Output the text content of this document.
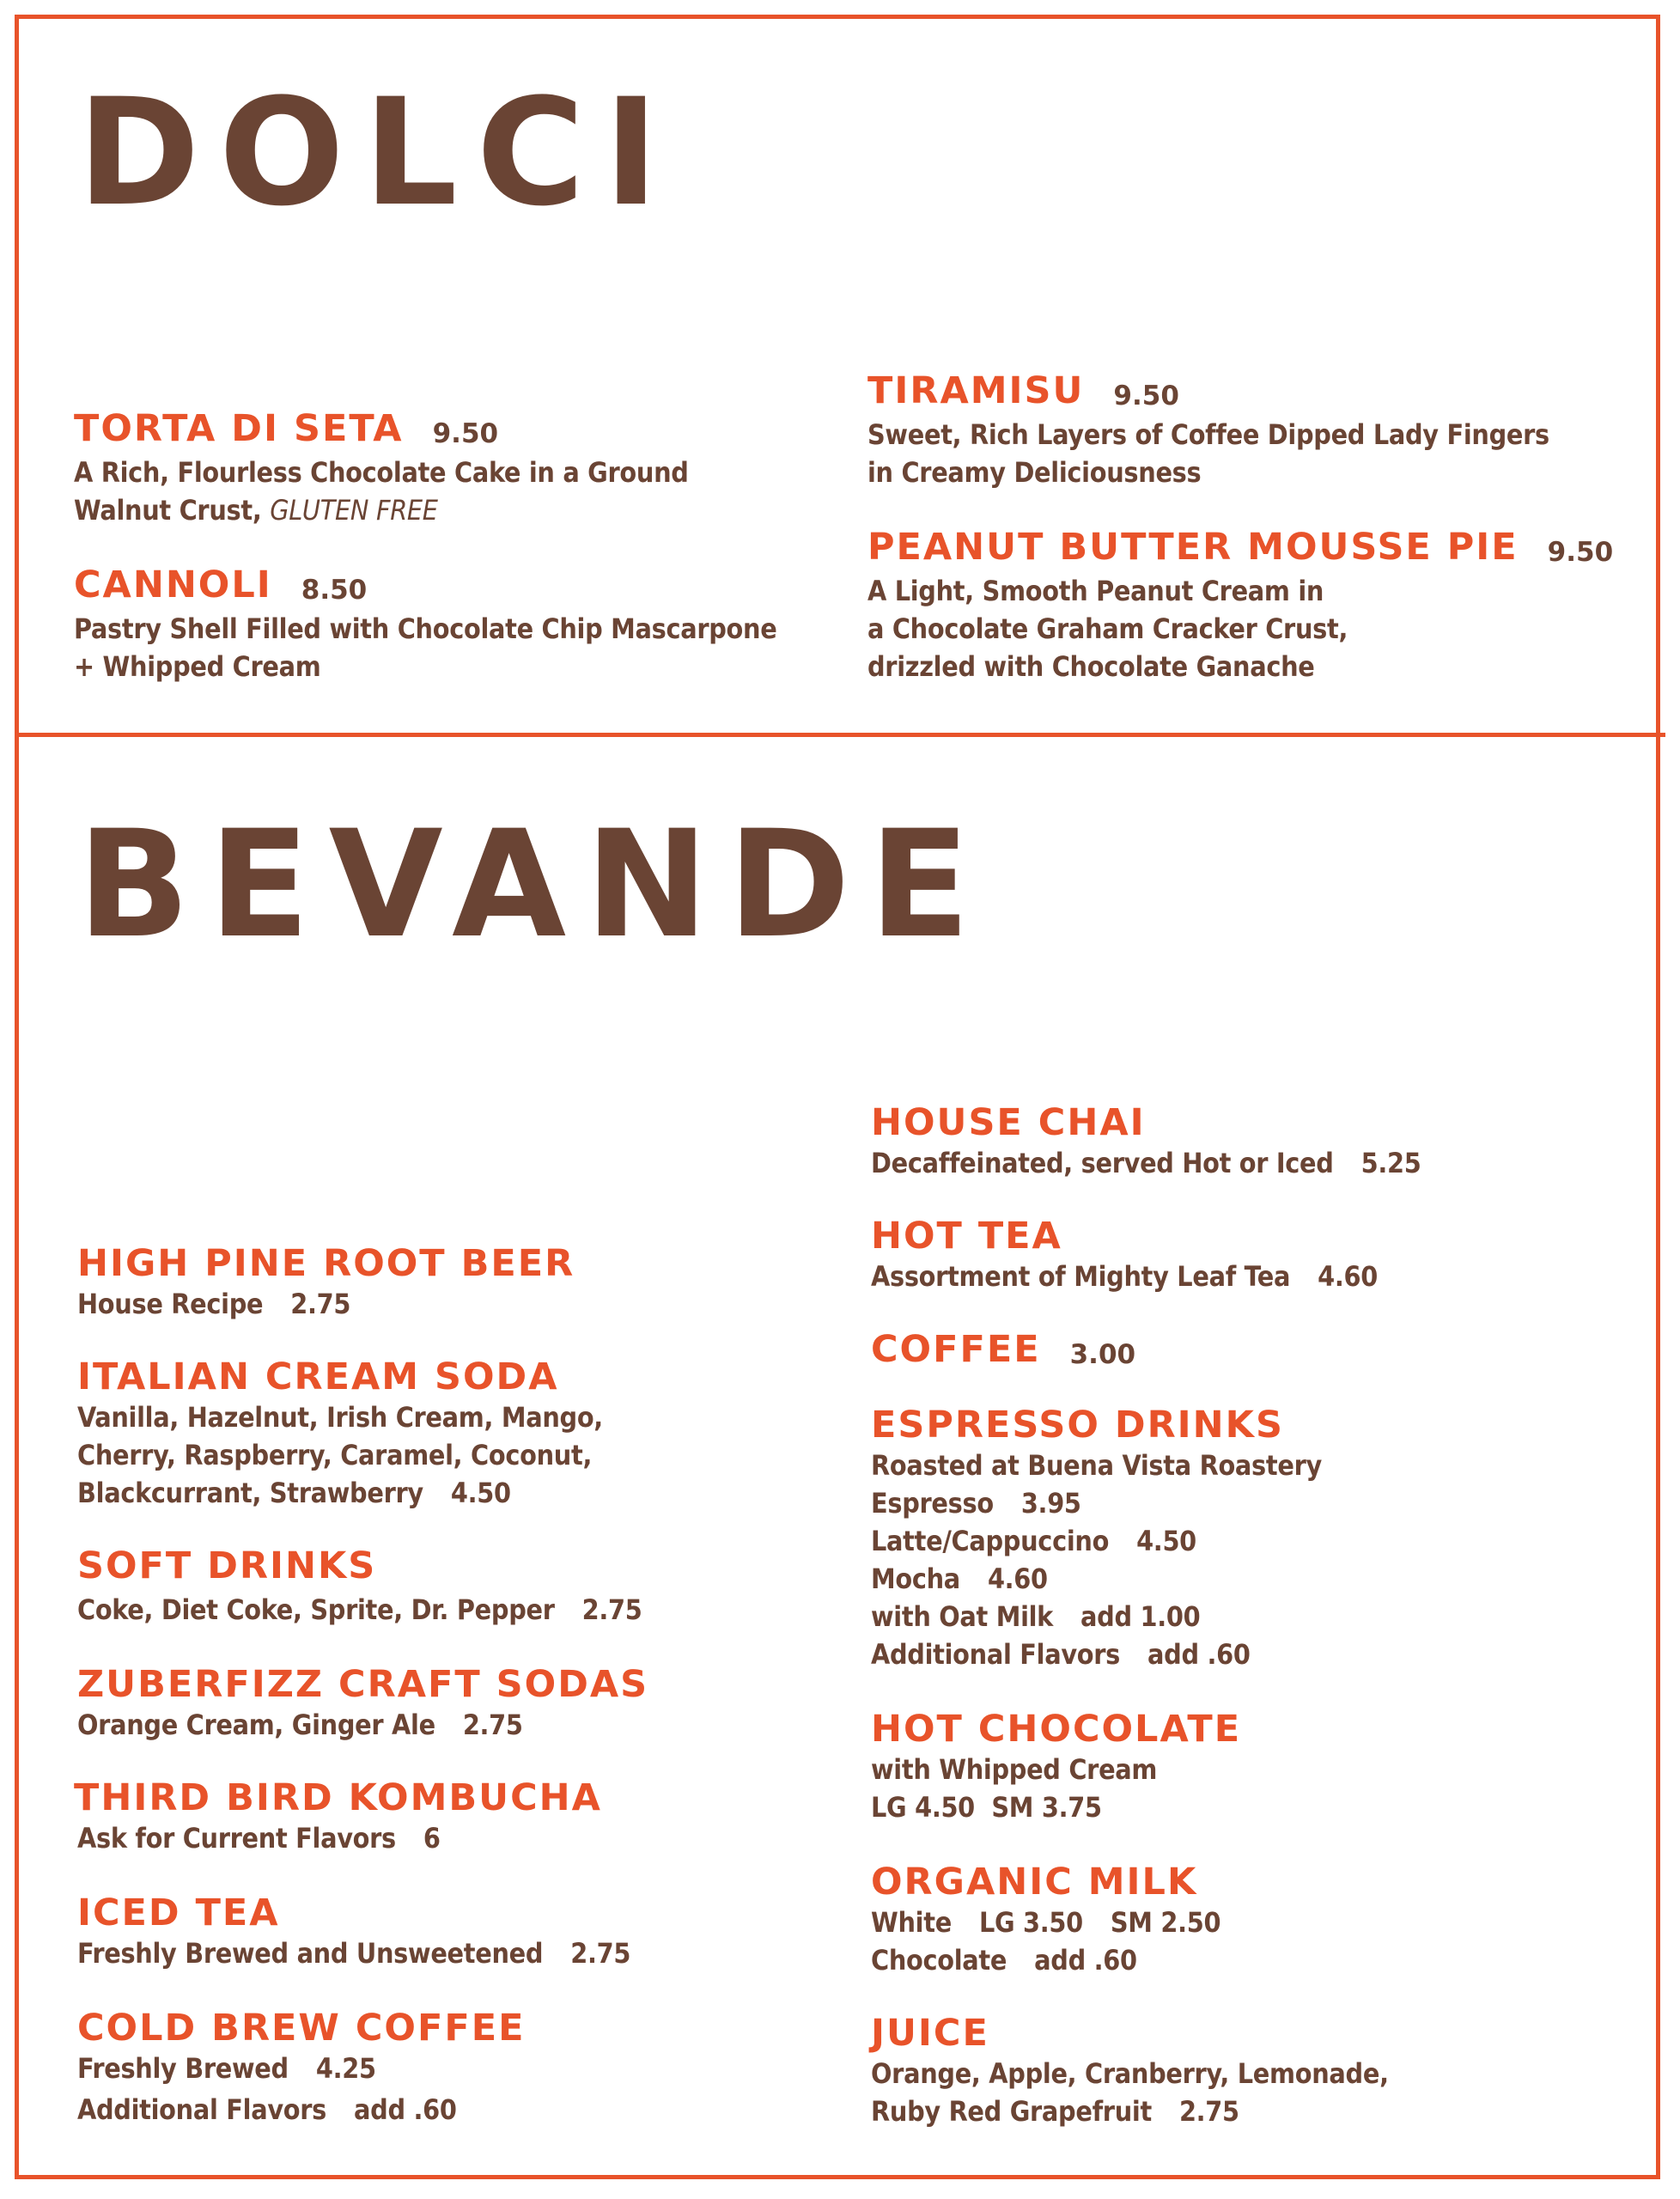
DOLCI
TORTA DI SETA 9.50
A Rich, Flourless Chocolate Cake in a Ground
Walnut Crust, GLUTEN FREE
CANNOLI 8.50
Pastry Shell Filled with Chocolate Chip Mascarpone
+ Whipped Cream
TIRAMISU 9.50
Sweet, Rich Layers of Coffee Dipped Lady Fingers
in Creamy Deliciousness
PEANUT BUTTER MOUSSE PIE 9.50
A Light, Smooth Peanut Cream in
a Chocolate Graham Cracker Crust,
drizzled with Chocolate Ganache
BEVANDE
HIGH PINE ROOT BEER
House Recipe 2.75
ITALIAN CREAM SODA
Vanilla, Hazelnut, Irish Cream, Mango,
Cherry, Raspberry, Caramel, Coconut,
Blackcurrant, Strawberry 4.50
SOFT DRINKS
Coke, Diet Coke, Sprite, Dr. Pepper 2.75
ZUBERFIZZ CRAFT SODAS
Orange Cream, Ginger Ale 2.75
THIRD BIRD KOMBUCHA
Ask for Current Flavors 6
ICED TEA
Freshly Brewed and Unsweetened 2.75
COLD BREW COFFEE
Freshly Brewed 4.25
Additional Flavors add .60
HOUSE CHAI
Decaffeinated, served Hot or Iced 5.25
HOT TEA
Assortment of Mighty Leaf Tea 4.60
COFFEE 3.00
ESPRESSO DRINKS
Roasted at Buena Vista Roastery
Espresso 3.95
Latte/Cappuccino 4.50
Mocha 4.60
with Oat Milk add 1.00
Additional Flavors add .60
HOT CHOCOLATE
with Whipped Cream
LG 4.50  SM 3.75
ORGANIC MILK
White LG 3.50 SM 2.50
Chocolate add .60
JUICE
Orange, Apple, Cranberry, Lemonade,
Ruby Red Grapefruit 2.75
